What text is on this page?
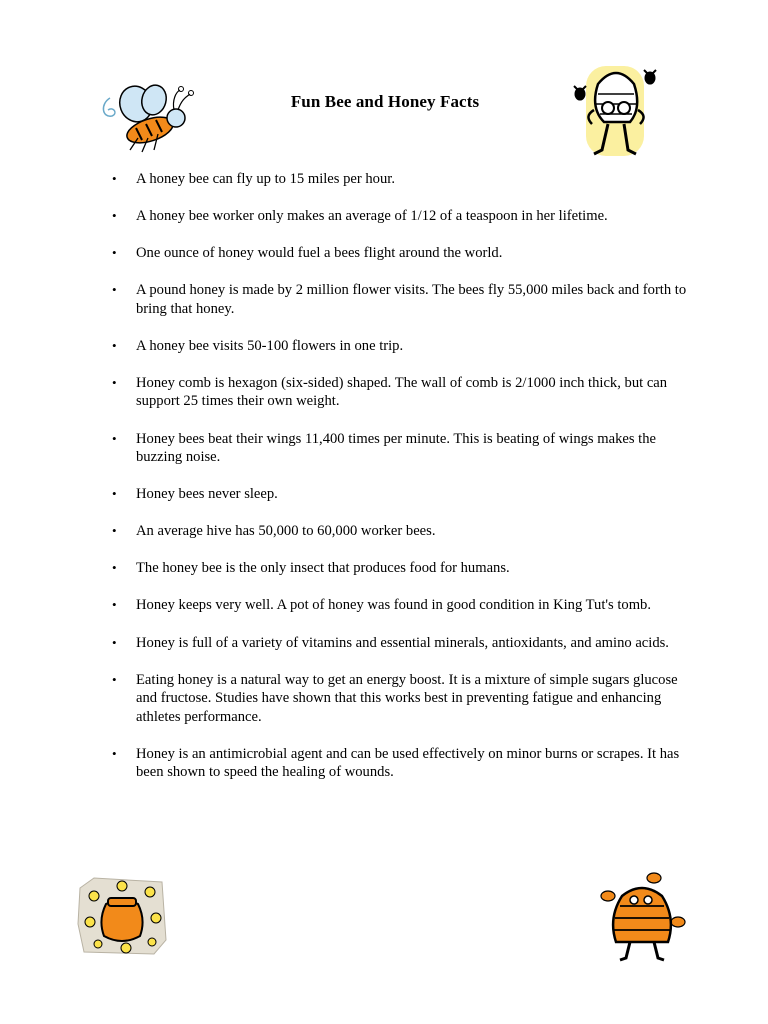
Fun Bee and Honey Facts
• A honey bee can fly up to 15 miles per hour.
• A honey bee worker only makes an average of 1/12 of a teaspoon in her lifetime.
• One ounce of honey would fuel a bees flight around the world.
• A pound honey is made by 2 million flower visits. The bees fly 55,000 miles back and forth to bring that honey.
• A honey bee visits 50-100 flowers in one trip.
• Honey comb is hexagon (six-sided) shaped. The wall of comb is 2/1000 inch thick, but can support 25 times their own weight.
• Honey bees beat their wings 11,400 times per minute. This is beating of wings makes the buzzing noise.
• Honey bees never sleep.
• An average hive has 50,000 to 60,000 worker bees.
• The honey bee is the only insect that produces food for humans.
• Honey keeps very well. A pot of honey was found in good condition in King Tut's tomb.
• Honey is full of a variety of vitamins and essential minerals, antioxidants, and amino acids.
• Eating honey is a natural way to get an energy boost. It is a mixture of simple sugars glucose and fructose. Studies have shown that this works best in preventing fatigue and enhancing athletes performance.
• Honey is an antimicrobial agent and can be used effectively on minor burns or scrapes. It has been shown to speed the healing of wounds.
